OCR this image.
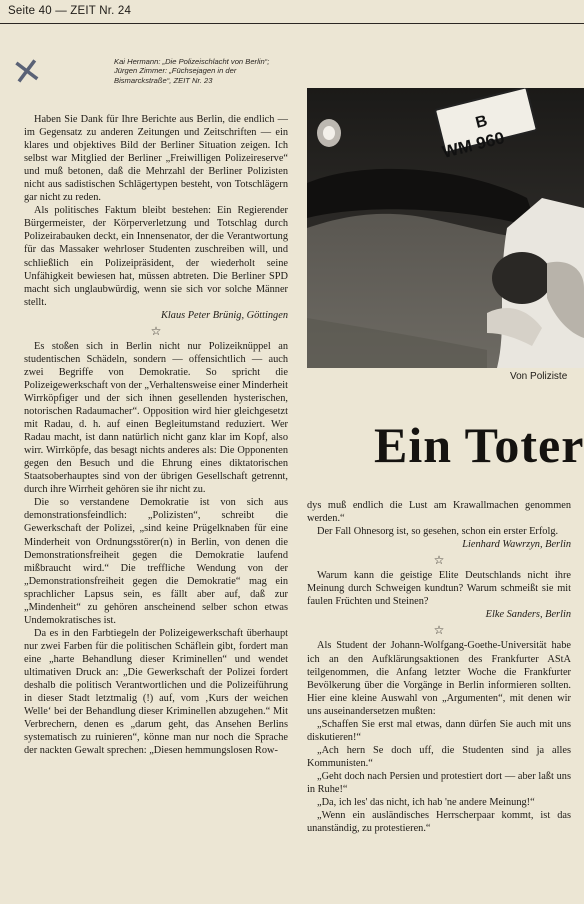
Seite 40 — ZEIT Nr. 24
✕	Kai Hermann: „Die Polizeischlacht von Berlin“; Jürgen Zimmer: „Füchsejagen in der Bismarckstraße“, ZEIT Nr. 23

Haben Sie Dank für Ihre Berichte aus Berlin, die endlich — im Gegensatz zu anderen Zeitungen und Zeitschriften — ein klares und objektives Bild der Berliner Situation zeigen. Ich selbst war Mitglied der Berliner „Freiwilligen Polizeireserve“ und muß betonen, daß die Mehrzahl der Berliner Polizisten nicht aus sadistischen Schlägertypen besteht, von Totschlägern gar nicht zu reden.

Als politisches Faktum bleibt bestehen: Ein Regierender Bürgermeister, der Körperverletzung und Totschlag durch Polizeirabauken deckt, ein Innensenator, der die Verantwortung für das Massaker wehrloser Studenten zuschreiben will, und schließlich ein Polizeipräsident, der wiederholt seine Unfähigkeit bewiesen hat, müssen abtreten. Die Berliner SPD macht sich unglaubwürdig, wenn sie sich vor solche Männer stellt.

Klaus Peter Brünig, Göttingen

☆

Es stoßen sich in Berlin nicht nur Polizeiknüppel an studentischen Schädeln, sondern — offensichtlich — auch zwei Begriffe von Demokratie. So spricht die Polizeigewerkschaft von der „Verhaltensweise einer Minderheit Wirrköpfiger und der sich ihnen gesellenden hysterischen, notorischen Radaumacher“. Opposition wird hier gleichgesetzt mit Radau, d. h. auf einen Begleitumstand reduziert. Wer Radau macht, ist dann natürlich nicht ganz klar im Kopf, also wirr. Wirrköpfe, das besagt nichts anderes als: Die Opponenten gegen den Besuch und die Ehrung eines diktatorischen Staatsoberhauptes sind von der übrigen Gesellschaft getrennt, durch ihre Wirrheit gehören sie ihr nicht zu.

Die so verstandene Demokratie ist von sich aus demonstrationsfeindlich: „Polizisten“, schreibt die Gewerkschaft der Polizei, „sind keine Prügelknaben für eine Minderheit von Ordnungsstörer(n) in Berlin, von denen die Demonstrationsfreiheit gegen die Demokratie laufend mißbraucht wird.“ Die treffliche Wendung von der „Demonstrationsfreiheit gegen die Demokratie“ mag ein sprachlicher Lapsus sein, es fällt aber auf, daß zur „Mindenheit“ zu gehören anscheinend selber schon etwas Undemokratisches ist.

Da es in den Farbtiegeln der Polizeigewerkschaft überhaupt nur zwei Farben für die politischen Schäflein gibt, fordert man eine „harte Behandlung dieser Kriminellen“ und wendet ultimativen Druck an: „Die Gewerkschaft der Polizei fordert deshalb die politisch Verantwortlichen und die Polizeiführung in dieser Stadt letztmalig (!) auf, vom ‚Kurs der weichen Welle‘ bei der Behandlung dieser Kriminellen abzugehen.“ Mit Verbrechern, denen es „darum geht, das Ansehen Berlins systematisch zu ruinieren“, könne man nur noch die Sprache der nackten Gewalt sprechen: „Diesen hemmungslosen Row-

B
WM 960
Von Poliziste
Ein Toter

dys muß endlich die Lust am Krawallmachen genommen werden.“

Der Fall Ohnesorg ist, so gesehen, schon ein erster Erfolg.

Lienhard Wawrzyn, Berlin

☆

Warum kann die geistige Elite Deutschlands nicht ihre Meinung durch Schweigen kundtun? Warum schmeißt sie mit faulen Früchten und Steinen?

Elke Sanders, Berlin

☆

Als Student der Johann-Wolfgang-Goethe-Universität habe ich an den Aufklärungsaktionen des Frankfurter AStA teilgenommen, die Anfang letzter Woche die Frankfurter Bevölkerung über die Vorgänge in Berlin informieren sollten. Hier eine kleine Auswahl von „Argumenten“, mit denen wir uns auseinandersetzen mußten:

„Schaffen Sie erst mal etwas, dann dürfen Sie auch mit uns diskutieren!“

„Ach hern Se doch uff, die Studenten sind ja alles Kommunisten.“

„Geht doch nach Persien und protestiert dort — aber laßt uns in Ruhe!“

„Da, ich les' das nicht, ich hab 'ne andere Meinung!“

„Wenn ein ausländisches Herrscherpaar kommt, ist das unanständig, zu protestieren.“
